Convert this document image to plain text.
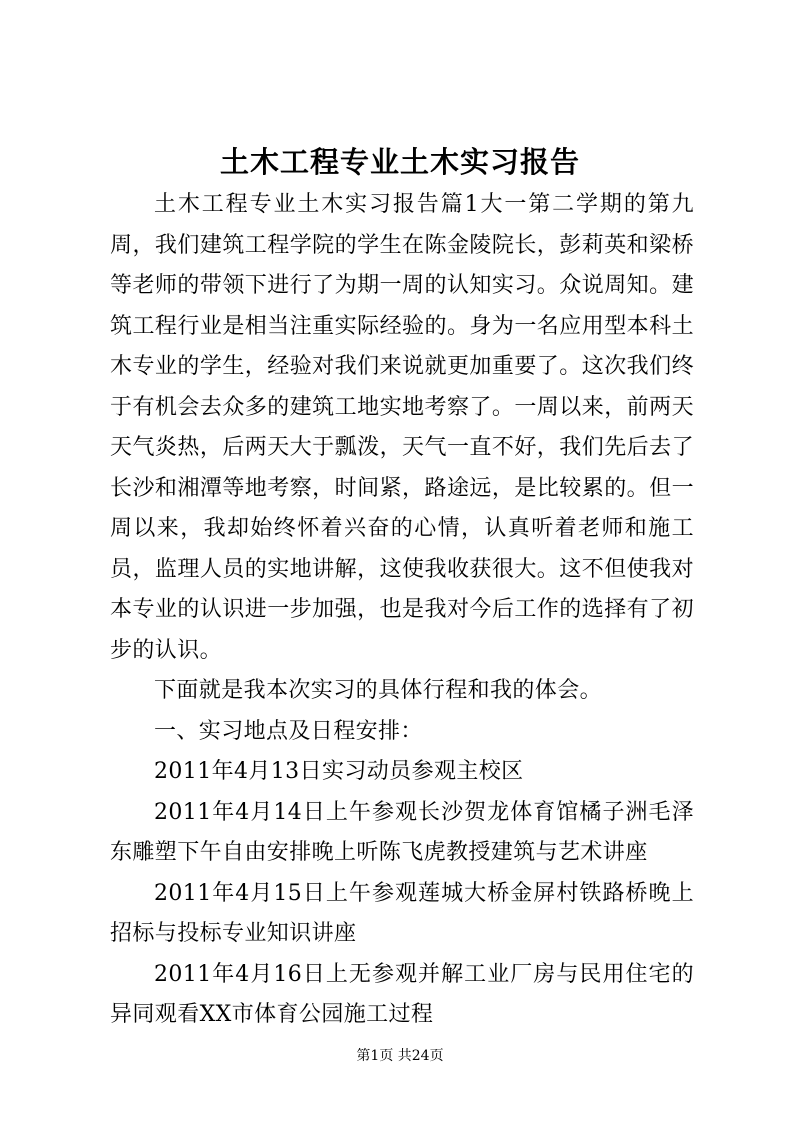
土木工程专业土木实习报告

土木工程专业土木实习报告篇1大一第二学期的第九周，我们建筑工程学院的学生在陈金陵院长，彭莉英和梁桥等老师的带领下进行了为期一周的认知实习。众说周知。建筑工程行业是相当注重实际经验的。身为一名应用型本科土木专业的学生，经验对我们来说就更加重要了。这次我们终于有机会去众多的建筑工地实地考察了。一周以来，前两天天气炎热，后两天大于瓢泼，天气一直不好，我们先后去了长沙和湘潭等地考察，时间紧，路途远，是比较累的。但一周以来，我却始终怀着兴奋的心情，认真听着老师和施工员，监理人员的实地讲解，这使我收获很大。这不但使我对本专业的认识进一步加强，也是我对今后工作的选择有了初步的认识。

下面就是我本次实习的具体行程和我的体会。

一、实习地点及日程安排：

2011年4月13日实习动员参观主校区

2011年4月14日上午参观长沙贺龙体育馆橘子洲毛泽东雕塑下午自由安排晚上听陈飞虎教授建筑与艺术讲座

2011年4月15日上午参观莲城大桥金屏村铁路桥晚上招标与投标专业知识讲座

2011年4月16日上无参观并解工业厂房与民用住宅的异同观看XX市体育公园施工过程

第1页 共24页
